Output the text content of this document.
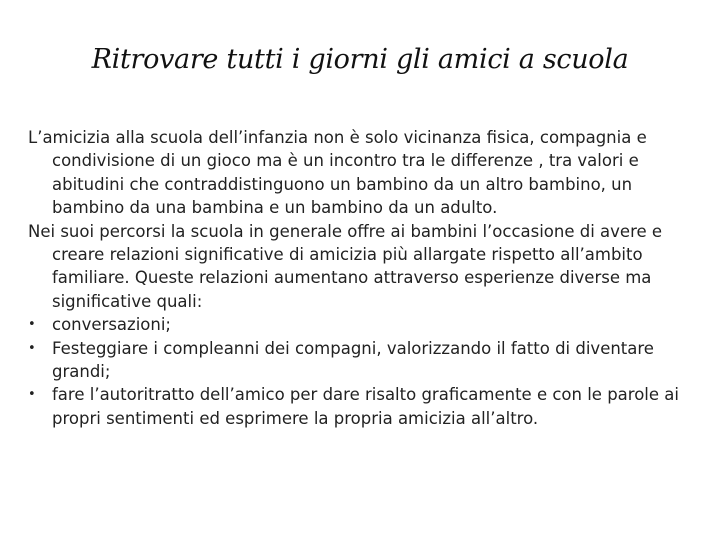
Ritrovare tutti i giorni gli amici a scuola

L’amicizia alla scuola dell’infanzia non è solo vicinanza fisica, compagnia e condivisione di un gioco ma è un incontro tra le differenze , tra valori e abitudini che contraddistinguono un bambino da un altro bambino, un bambino da una bambina e un bambino da un adulto.

Nei suoi percorsi la scuola in generale offre ai bambini l’occasione di avere e creare relazioni significative di amicizia più allargate rispetto all’ambito familiare. Queste relazioni aumentano attraverso esperienze diverse ma significative quali:

• conversazioni;
• Festeggiare i compleanni dei compagni, valorizzando il fatto di diventare grandi;
• fare l’autoritratto dell’amico per dare risalto graficamente e con le parole ai propri sentimenti ed esprimere la propria amicizia all’altro.
